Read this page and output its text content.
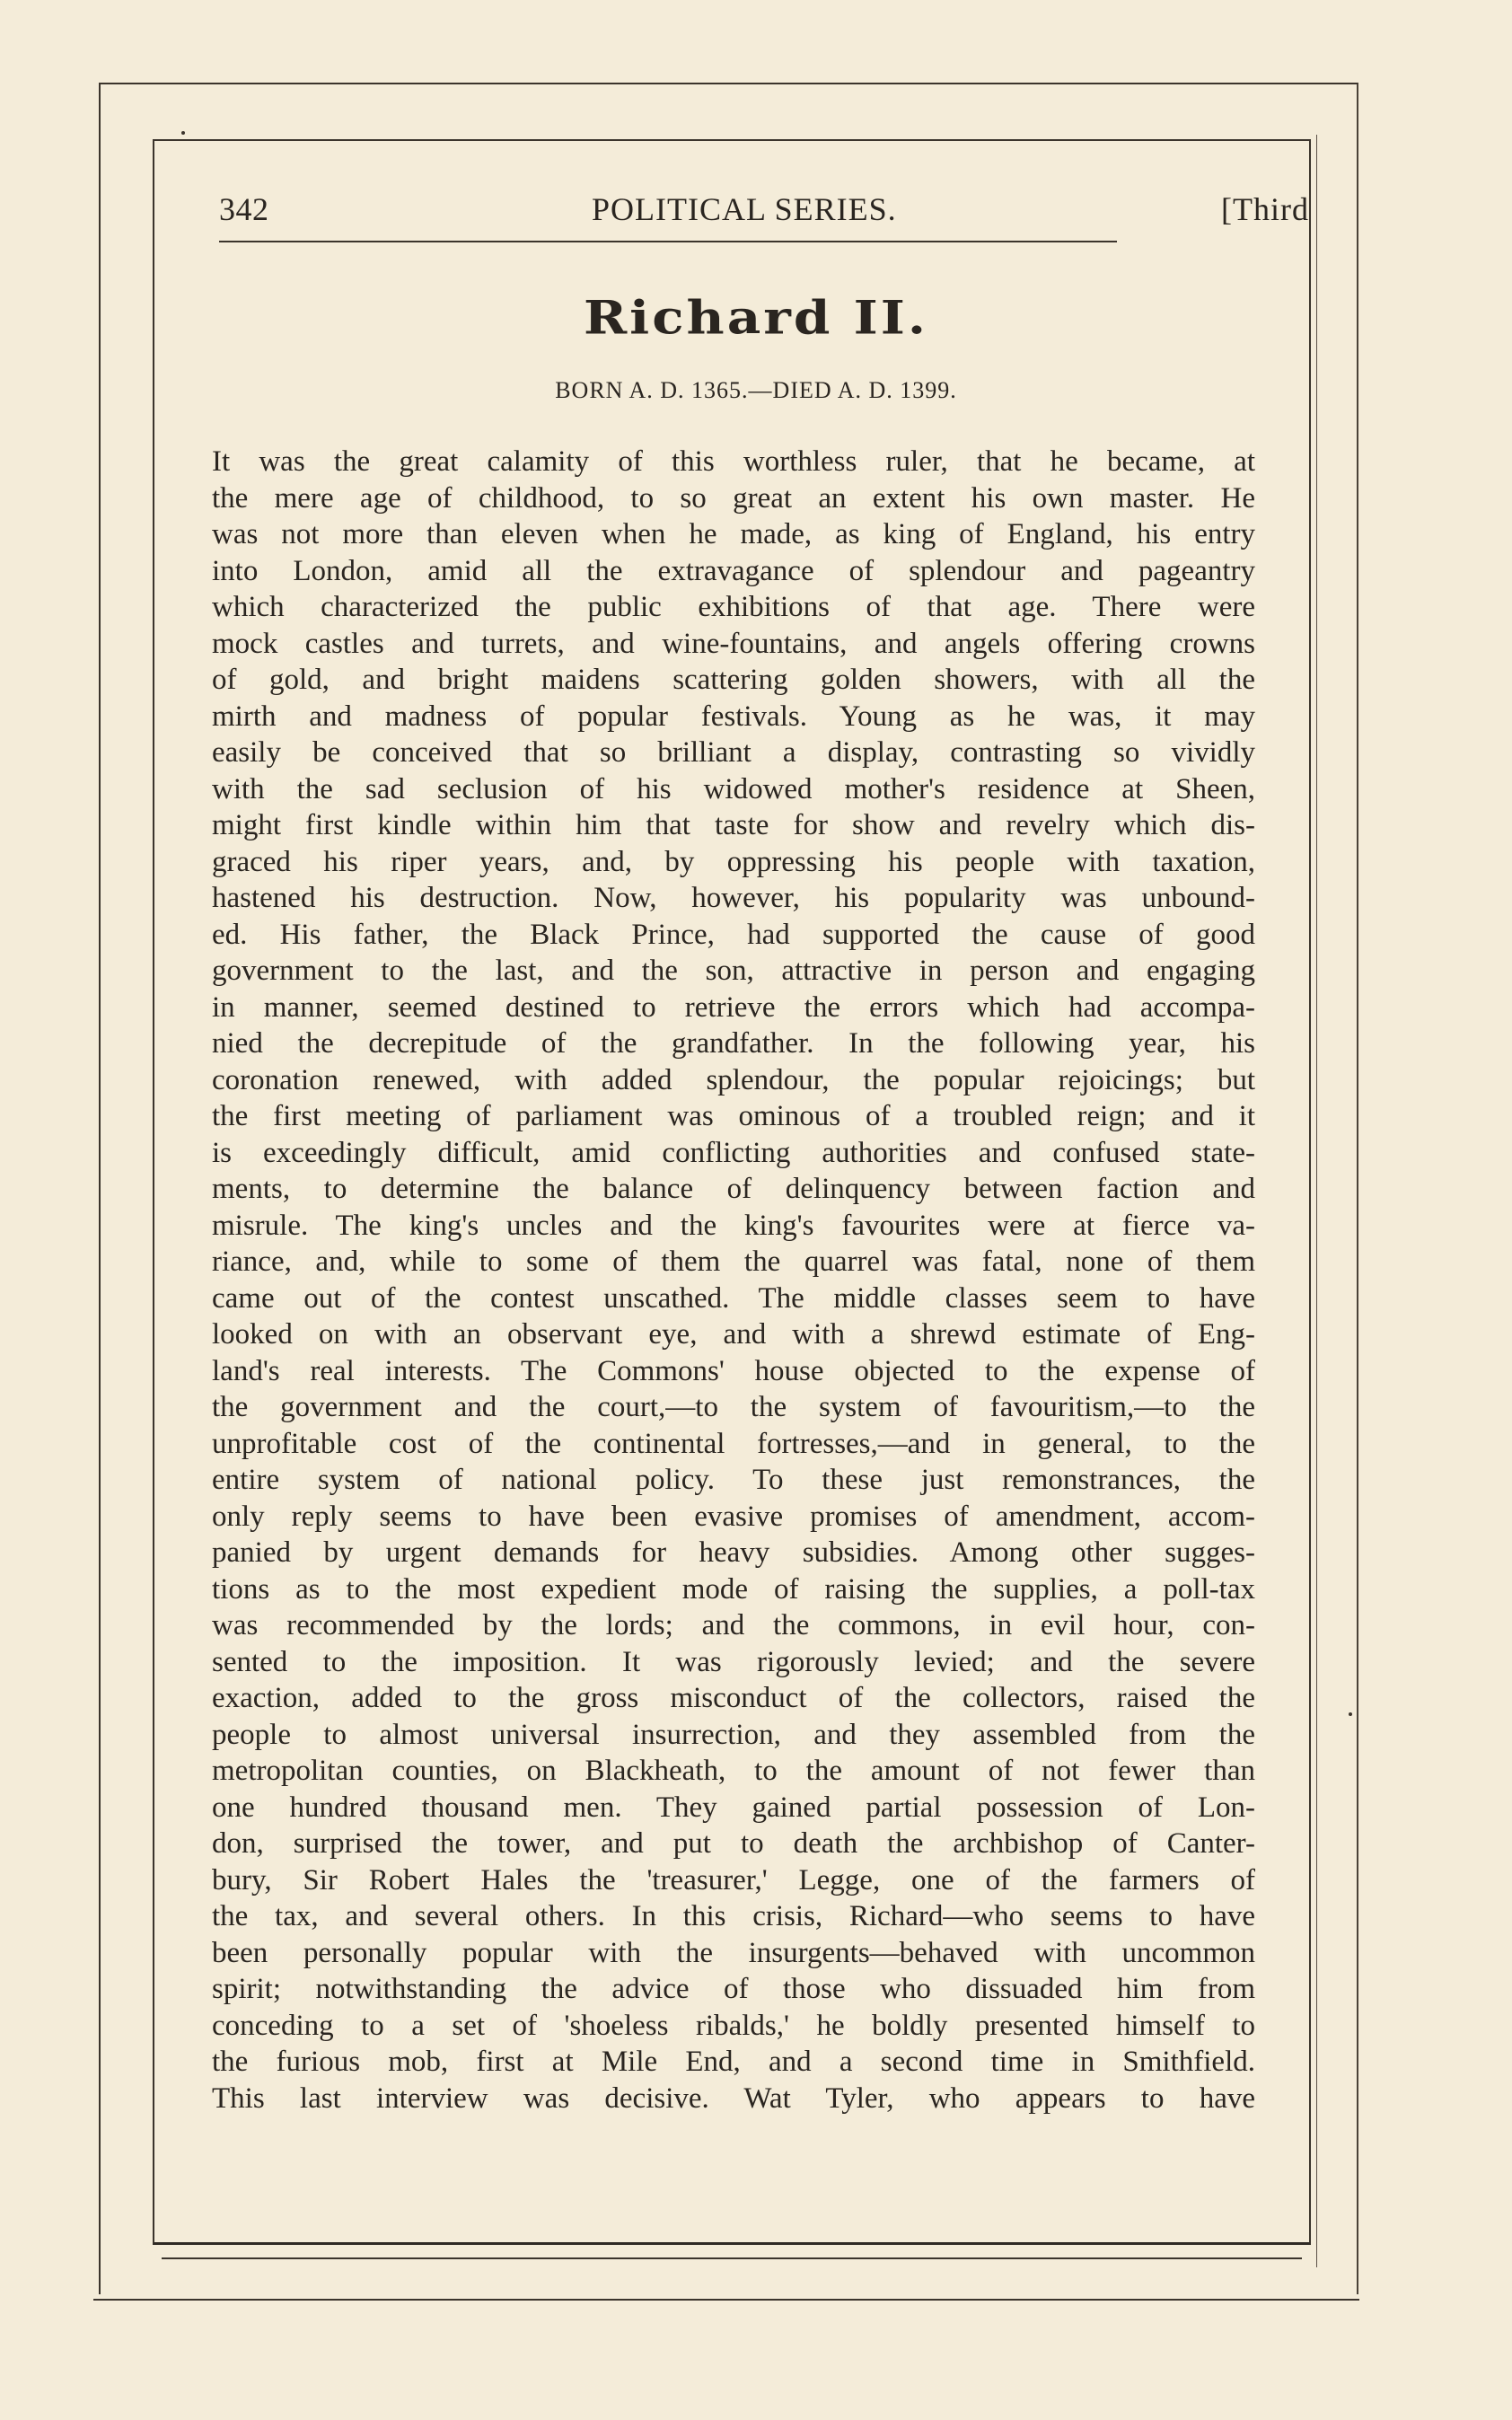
342	POLITICAL SERIES.	[Third
Richard II.
BORN A. D. 1365.—DIED A. D. 1399.
It was the great calamity of this worthless ruler, that he became, at
the mere age of childhood, to so great an extent his own master. He
was not more than eleven when he made, as king of England, his entry
into London, amid all the extravagance of splendour and pageantry
which characterized the public exhibitions of that age. There were
mock castles and turrets, and wine-fountains, and angels offering crowns
of gold, and bright maidens scattering golden showers, with all the
mirth and madness of popular festivals. Young as he was, it may
easily be conceived that so brilliant a display, contrasting so vividly
with the sad seclusion of his widowed mother's residence at Sheen,
might first kindle within him that taste for show and revelry which dis-
graced his riper years, and, by oppressing his people with taxation,
hastened his destruction. Now, however, his popularity was unbound-
ed. His father, the Black Prince, had supported the cause of good
government to the last, and the son, attractive in person and engaging
in manner, seemed destined to retrieve the errors which had accompa-
nied the decrepitude of the grandfather. In the following year, his
coronation renewed, with added splendour, the popular rejoicings; but
the first meeting of parliament was ominous of a troubled reign; and it
is exceedingly difficult, amid conflicting authorities and confused state-
ments, to determine the balance of delinquency between faction and
misrule. The king's uncles and the king's favourites were at fierce va-
riance, and, while to some of them the quarrel was fatal, none of them
came out of the contest unscathed. The middle classes seem to have
looked on with an observant eye, and with a shrewd estimate of Eng-
land's real interests. The Commons' house objected to the expense of
the government and the court,—to the system of favouritism,—to the
unprofitable cost of the continental fortresses,—and in general, to the
entire system of national policy. To these just remonstrances, the
only reply seems to have been evasive promises of amendment, accom-
panied by urgent demands for heavy subsidies. Among other sugges-
tions as to the most expedient mode of raising the supplies, a poll-tax
was recommended by the lords; and the commons, in evil hour, con-
sented to the imposition. It was rigorously levied; and the severe
exaction, added to the gross misconduct of the collectors, raised the
people to almost universal insurrection, and they assembled from the
metropolitan counties, on Blackheath, to the amount of not fewer than
one hundred thousand men. They gained partial possession of Lon-
don, surprised the tower, and put to death the archbishop of Canter-
bury, Sir Robert Hales the 'treasurer,' Legge, one of the farmers of
the tax, and several others. In this crisis, Richard—who seems to have
been personally popular with the insurgents—behaved with uncommon
spirit; notwithstanding the advice of those who dissuaded him from
conceding to a set of 'shoeless ribalds,' he boldly presented himself to
the furious mob, first at Mile End, and a second time in Smithfield.
This last interview was decisive. Wat Tyler, who appears to have
